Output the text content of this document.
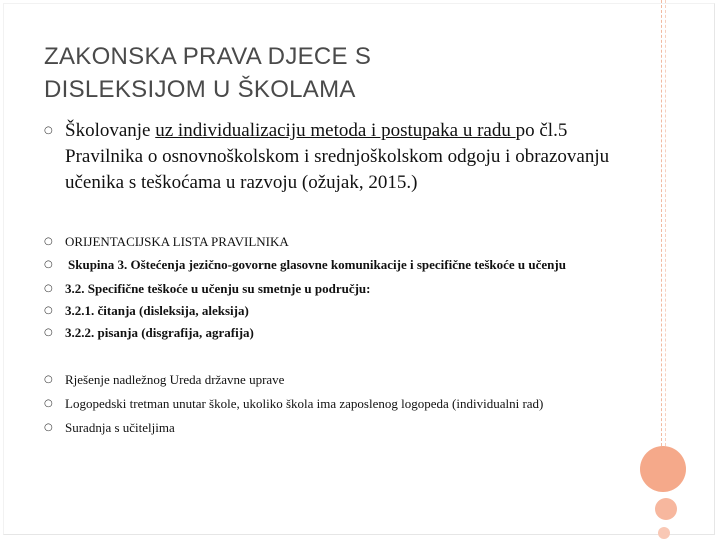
ZAKONSKA PRAVA DJECE S
DISLEKSIJOM U ŠKOLAMA
○ Školovanje uz individualizaciju metoda i postupaka u radu po čl.5 Pravilnika o osnovnoškolskom i srednjoškolskom odgoju i obrazovanju učenika s teškoćama u razvoju (ožujak, 2015.)
○ ORIJENTACIJSKA LISTA PRAVILNIKA
○ Skupina 3. Oštećenja jezično-govorne glasovne komunikacije i specifične teškoće u učenju
○ 3.2. Specifične teškoće u učenju su smetnje u području:
○ 3.2.1. čitanja (disleksija, aleksija)
○ 3.2.2. pisanja (disgrafija, agrafija)
○ Rješenje nadležnog Ureda državne uprave
○ Logopedski tretman unutar škole, ukoliko škola ima zaposlenog logopeda (individualni rad)
○ Suradnja s učiteljima
